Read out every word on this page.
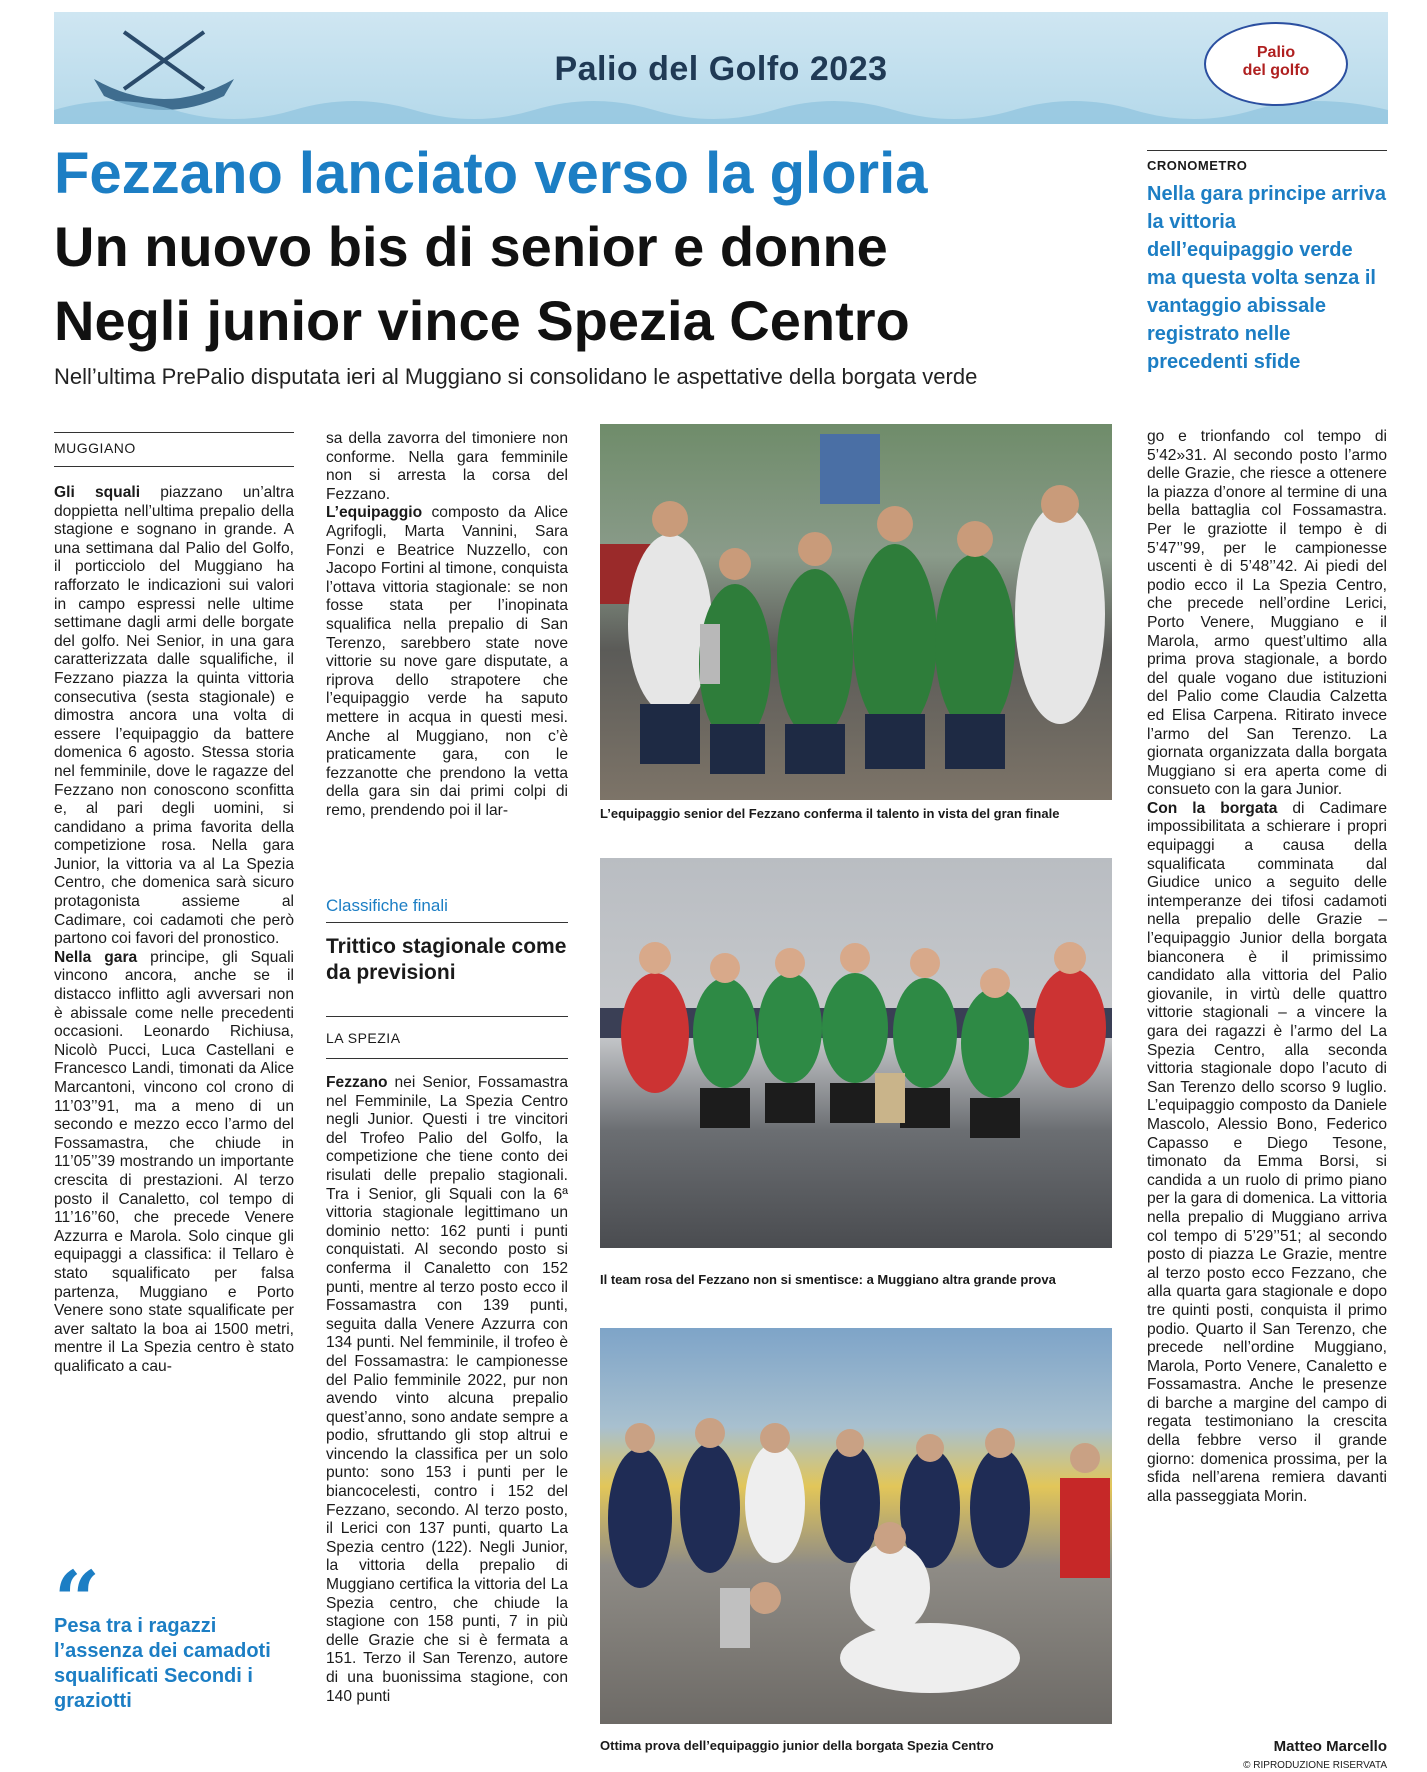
Palio del Golfo 2023	Palio
del golfo
Fezzano lanciato verso la gloria
Un nuovo bis di senior e donne
Negli junior vince Spezia Centro
Nell’ultima PrePalio disputata ieri al Muggiano si consolidano le aspettative della borgata verde
CRONOMETRO
Nella gara principe arriva la vittoria dell’equipaggio verde ma questa volta senza il vantaggio abissale registrato nelle precedenti sfide
MUGGIANO
Gli squali piazzano un’altra doppietta nell’ultima prepalio della stagione e sognano in grande. A una settimana dal Palio del Golfo, il porticciolo del Muggiano ha rafforzato le indicazioni sui valori in campo espressi nelle ultime settimane dagli armi delle borgate del golfo. Nei Senior, in una gara caratterizzata dalle squalifiche, il Fezzano piazza la quinta vittoria consecutiva (sesta stagionale) e dimostra ancora una volta di essere l’equipaggio da battere domenica 6 agosto. Stessa storia nel femminile, dove le ragazze del Fezzano non conoscono sconfitta e, al pari degli uomini, si candidano a prima favorita della competizione rosa. Nella gara Junior, la vittoria va al La Spezia Centro, che domenica sarà sicuro protagonista assieme al Cadimare, coi cadamoti che però partono coi favori del pronostico.
Nella gara principe, gli Squali vincono ancora, anche se il distacco inflitto agli avversari non è abissale come nelle precedenti occasioni. Leonardo Richiusa, Nicolò Pucci, Luca Castellani e Francesco Landi, timonati da Alice Marcantoni, vincono col crono di 11’03’’91, ma a meno di un secondo e mezzo ecco l’armo del Fossamastra, che chiude in 11’05’’39 mostrando un importante crescita di prestazioni. Al terzo posto il Canaletto, col tempo di 11’16’’60, che precede Venere Azzurra e Marola. Solo cinque gli equipaggi a classifica: il Tellaro è stato squalificato per falsa partenza, Muggiano e Porto Venere sono state squalificate per aver saltato la boa ai 1500 metri, mentre il La Spezia centro è stato qualificato a cau-
“
Pesa tra i ragazzi l’assenza dei camadoti squalificati Secondi i graziotti
sa della zavorra del timoniere non conforme. Nella gara femminile non si arresta la corsa del Fezzano.
L’equipaggio composto da Alice Agrifogli, Marta Vannini, Sara Fonzi e Beatrice Nuzzello, con Jacopo Fortini al timone, conquista l’ottava vittoria stagionale: se non fosse stata per l’inopinata squalifica nella prepalio di San Terenzo, sarebbero state nove vittorie su nove gare disputate, a riprova dello strapotere che l’equipaggio verde ha saputo mettere in acqua in questi mesi. Anche al Muggiano, non c’è praticamente gara, con le fezzanotte che prendono la vetta della gara sin dai primi colpi di remo, prendendo poi il lar-
Classifiche finali
Trittico stagionale come da previsioni
LA SPEZIA
Fezzano nei Senior, Fossamastra nel Femminile, La Spezia Centro negli Junior. Questi i tre vincitori del Trofeo Palio del Golfo, la competizione che tiene conto dei risulati delle prepalio stagionali. Tra i Senior, gli Squali con la 6ª vittoria stagionale legittimano un dominio netto: 162 punti i punti conquistati. Al secondo posto si conferma il Canaletto con 152 punti, mentre al terzo posto ecco il Fossamastra con 139 punti, seguita dalla Venere Azzurra con 134 punti. Nel femminile, il trofeo è del Fossamastra: le campionesse del Palio femminile 2022, pur non avendo vinto alcuna prepalio quest’anno, sono andate sempre a podio, sfruttando gli stop altrui e vincendo la classifica per un solo punto: sono 153 i punti per le biancocelesti, contro i 152 del Fezzano, secondo. Al terzo posto, il Lerici con 137 punti, quarto La Spezia centro (122). Negli Junior, la vittoria della prepalio di Muggiano certifica la vittoria del La Spezia centro, che chiude la stagione con 158 punti, 7 in più delle Grazie che si è fermata a 151. Terzo il San Terenzo, autore di una buonissima stagione, con 140 punti
L’equipaggio senior del Fezzano conferma il talento in vista del gran finale
Il team rosa del Fezzano non si smentisce: a Muggiano altra grande prova
Ottima prova dell’equipaggio junior della borgata Spezia Centro
go e trionfando col tempo di 5’42»31. Al secondo posto l’armo delle Grazie, che riesce a ottenere la piazza d’onore al termine di una bella battaglia col Fossamastra. Per le graziotte il tempo è di 5’47’’99, per le campionesse uscenti è di 5’48’’42. Ai piedi del podio ecco il La Spezia Centro, che precede nell’ordine Lerici, Porto Venere, Muggiano e il Marola, armo quest’ultimo alla prima prova stagionale, a bordo del quale vogano due istituzioni del Palio come Claudia Calzetta ed Elisa Carpena. Ritirato invece l’armo del San Terenzo. La giornata organizzata dalla borgata Muggiano si era aperta come di consueto con la gara Junior.
Con la borgata di Cadimare impossibilitata a schierare i propri equipaggi a causa della squalificata comminata dal Giudice unico a seguito delle intemperanze dei tifosi cadamoti nella prepalio delle Grazie – l’equipaggio Junior della borgata bianconera è il primissimo candidato alla vittoria del Palio giovanile, in virtù delle quattro vittorie stagionali – a vincere la gara dei ragazzi è l’armo del La Spezia Centro, alla seconda vittoria stagionale dopo l’acuto di San Terenzo dello scorso 9 luglio. L’equipaggio composto da Daniele Mascolo, Alessio Bono, Federico Capasso e Diego Tesone, timonato da Emma Borsi, si candida a un ruolo di primo piano per la gara di domenica. La vittoria nella prepalio di Muggiano arriva col tempo di 5’29’’51; al secondo posto di piazza Le Grazie, mentre al terzo posto ecco Fezzano, che alla quarta gara stagionale e dopo tre quinti posti, conquista il primo podio. Quarto il San Terenzo, che precede nell’ordine Muggiano, Marola, Porto Venere, Canaletto e Fossamastra. Anche le presenze di barche a margine del campo di regata testimoniano la crescita della febbre verso il grande giorno: domenica prossima, per la sfida nell’arena remiera davanti alla passeggiata Morin.
Matteo Marcello
© RIPRODUZIONE RISERVATA
